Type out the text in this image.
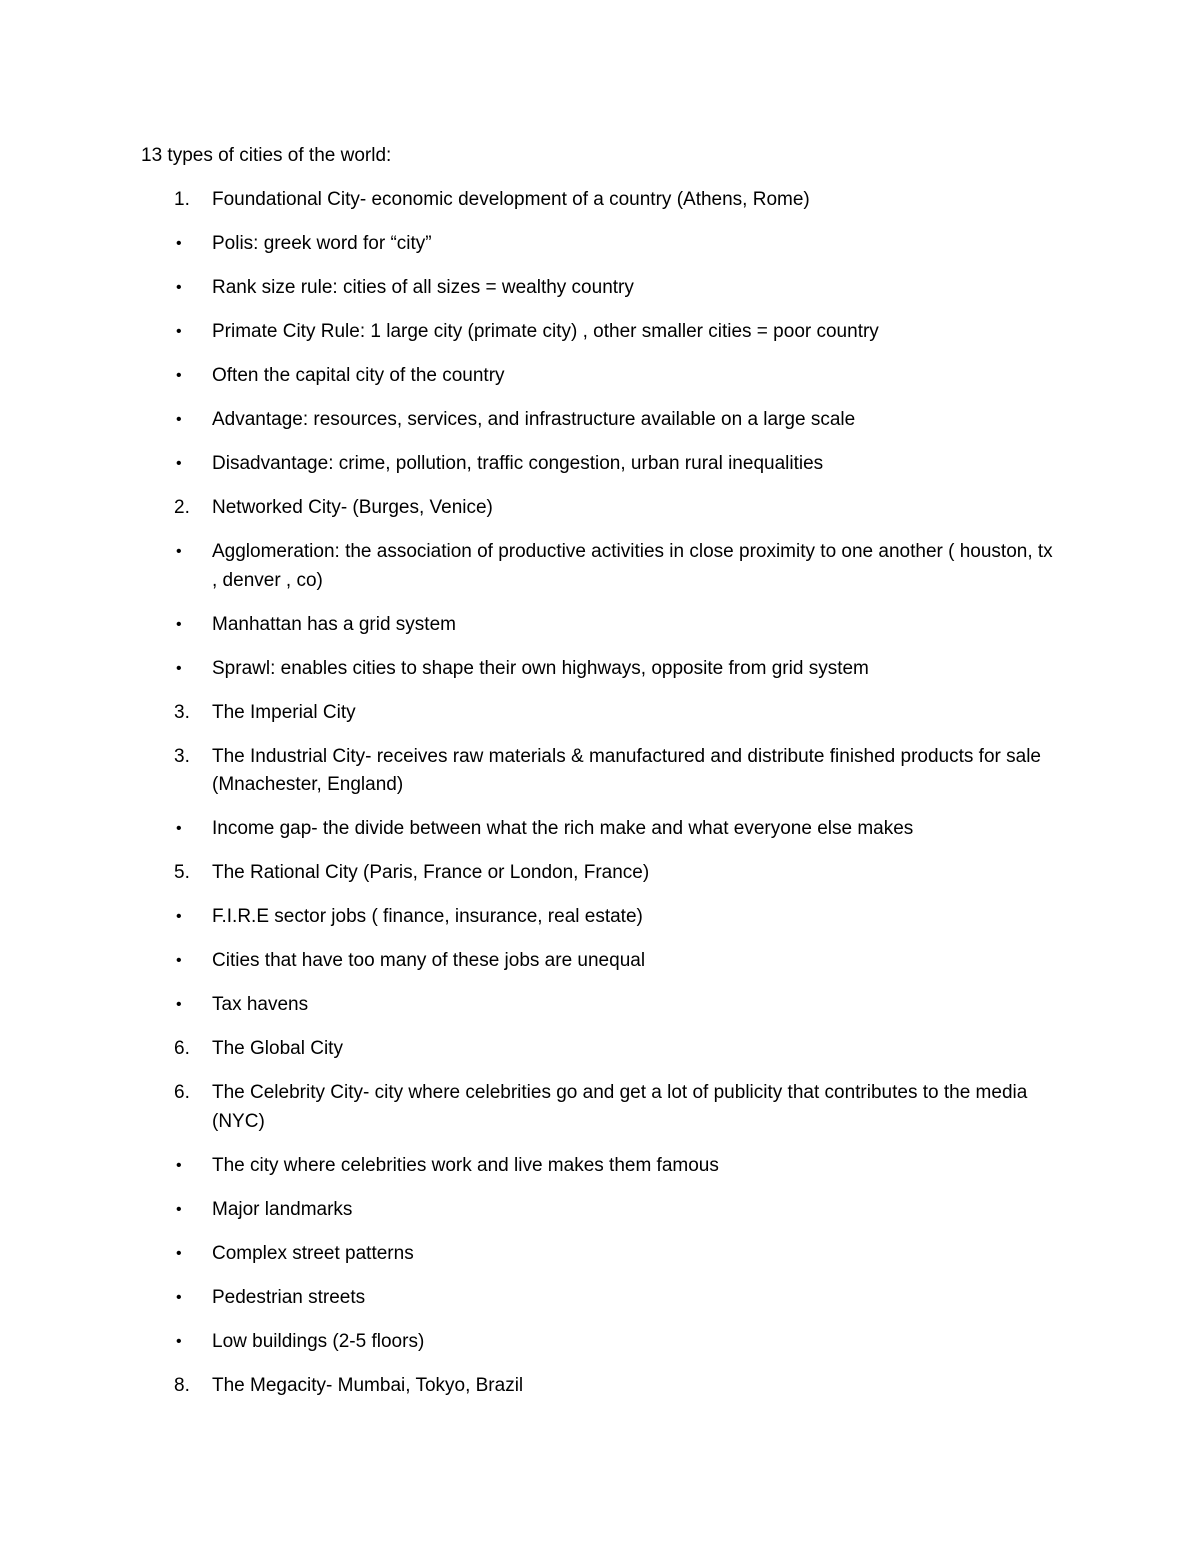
13 types of cities of the world:
1. Foundational City- economic development of a country (Athens, Rome)
• Polis: greek word for “city”
• Rank size rule: cities of all sizes = wealthy country
• Primate City Rule: 1 large city (primate city) , other smaller cities = poor country
• Often the capital city of the country
• Advantage: resources, services, and infrastructure available on a large scale
• Disadvantage: crime, pollution, traffic congestion, urban rural inequalities
2. Networked City- (Burges, Venice)
• Agglomeration: the association of productive activities in close proximity to one another ( houston, tx , denver , co)
• Manhattan has a grid system
• Sprawl: enables cities to shape their own highways, opposite from grid system
3. The Imperial City
3. The Industrial City- receives raw materials & manufactured and distribute finished products for sale (Mnachester, England)
• Income gap- the divide between what the rich make and what everyone else makes
5. The Rational City (Paris, France or London, France)
• F.I.R.E sector jobs ( finance, insurance, real estate)
• Cities that have too many of these jobs are unequal
• Tax havens
6. The Global City
6. The Celebrity City- city where celebrities go and get a lot of publicity that contributes to the media (NYC)
• The city where celebrities work and live makes them famous
• Major landmarks
• Complex street patterns
• Pedestrian streets
• Low buildings (2-5 floors)
8. The Megacity- Mumbai, Tokyo, Brazil
